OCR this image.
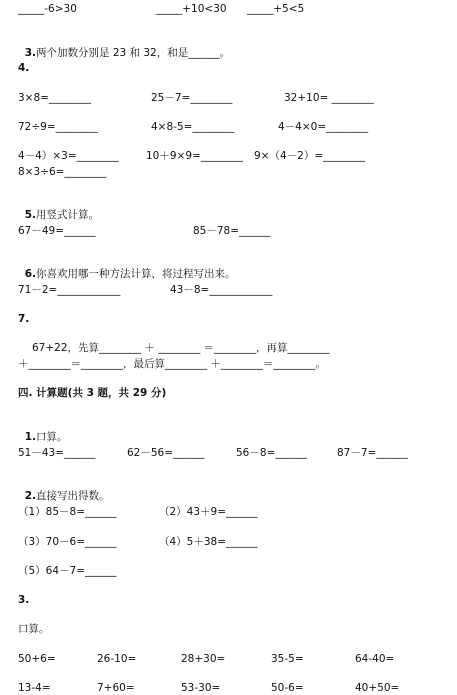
_____-6>30	_____+10<30 _____+5<5

3.两个加数分别是 23 和 32，和是______。

4.
3×8=________	25－7=________	32+10= ________
72÷9=________	4×8-5=________	4－4×0=________
4－4）×3=________	10＋9×9=________ 9×（4－2）=________
8×3÷6=________

5.用竖式计算。

67－49=______	85－78=______

6.你喜欢用哪一种方法计算，将过程写出来。

71－2=____________	43－8=____________
7.
67+22，先算________ ＋ ________ ＝________，再算________
＋________＝________，最后算________ ＋________＝________。
四. 计算题(共 3 题，共 29 分)

1.口算。

51－43=______	62－56=______	56－8=______	87－7=______

2.直接写出得数。

（1）85－8=______	（2）43＋9=______
（3）70－6=______	（4）5＋38=______
（5）64－7=______
3.
口算。
50+6=	26-10=	28+30=	35-5=	64-40=
13-4=	7+60=	53-30=	50-6=	40+50=
